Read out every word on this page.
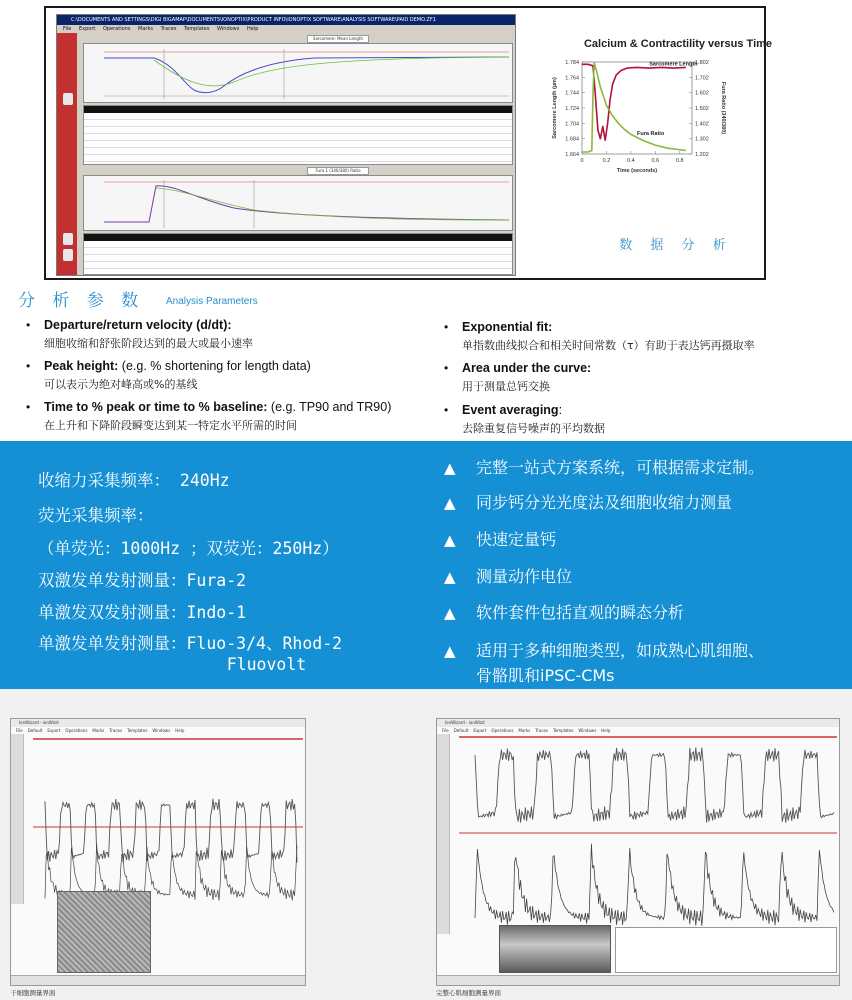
C:\DOCUMENTS AND SETTINGS\DIGI BIGAMAP\DOCUMENTS\IONOPTIX\PRODUCT INFO\IONOPTIX SOFTWARE\ANALYSIS SOFTWARE\PAID DEMO.ZF1
File Export Operations Marks Traces Templates Windows Help
Sarcomere: Mean Length
Fura 1 (340/380) Ratio
Calcium & Contractility versus Time
1.784
1.764
1.744
1.724
1.704
1.684
1.664
1.802
1.702
1.602
1.502
1.402
1.302
1.202
0	0.2	0.4	0.6	0.8
Time (seconds)
Sarcomere Length (µm)	Fura Ratio (340/380)
Sarcomere Length
Fura Ratio
数 据 分 析
分 析 参 数 Analysis Parameters
• Departure/return velocity (d/dt):
细胞收缩和舒张阶段达到的最大或最小速率
• Peak height: (e.g. % shortening for length data)
可以表示为绝对峰高或%的基线
• Time to % peak or time to % baseline: (e.g. TP90 and TR90)
在上升和下降阶段瞬变达到某一特定水平所需的时间
• Exponential fit:
单指数曲线拟合和相关时间常数（τ）有助于表达钙再摄取率
• Area under the curve:
用于测量总钙交换
• Event averaging:
去除重复信号噪声的平均数据
收缩力采集频率： 240Hz
荧光采集频率：
（单荧光：1000Hz ；双荧光：250Hz）
双激发单发射测量：Fura-2
单激发双发射测量：Indo-1
单激发单发射测量：Fluo-3/4、Rhod-2
Fluovolt
▲ 完整一站式方案系统，可根据需求定制。
▲ 同步钙分光光度法及细胞收缩力测量
▲ 快速定量钙
▲ 测量动作电位
▲ 软件套件包括直观的瞬态分析
▲ 适用于多种细胞类型，如成熟心肌细胞、
骨骼肌和iPSC-CMs
IonWizard - ionWizd
File Default Export Operations Marks Traces Templates Windows Help
干细胞测量界面
IonWizard - ionWizd
File Default Export Operations Marks Traces Templates Windows Help
完整心肌细胞测量界面
